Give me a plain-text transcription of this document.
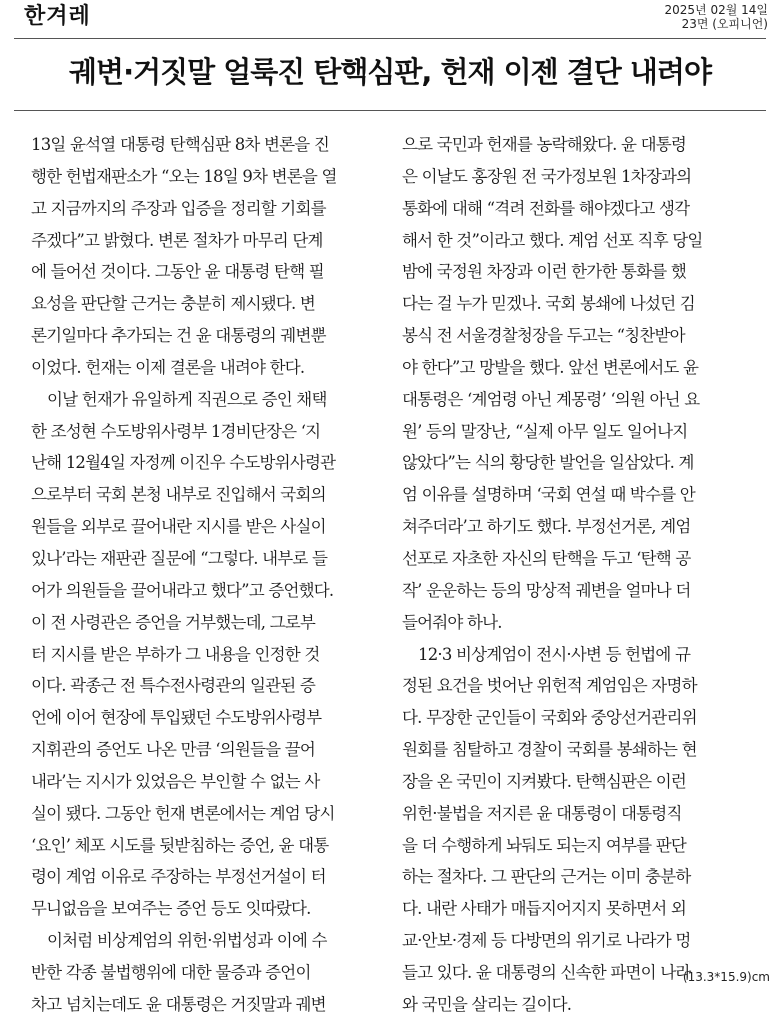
한겨레	2025년 02월 14일
23면 (오피니언)
궤변·거짓말 얼룩진 탄핵심판, 헌재 이젠 결단 내려야
13일 윤석열 대통령 탄핵심판 8차 변론을 진
행한 헌법재판소가 “오는 18일 9차 변론을 열
고 지금까지의 주장과 입증을 정리할 기회를
주겠다”고 밝혔다. 변론 절차가 마무리 단계
에 들어선 것이다. 그동안 윤 대통령 탄핵 필
요성을 판단할 근거는 충분히 제시됐다. 변
론기일마다 추가되는 건 윤 대통령의 궤변뿐
이었다. 헌재는 이제 결론을 내려야 한다.
이날 헌재가 유일하게 직권으로 증인 채택
한 조성현 수도방위사령부 1경비단장은 ‘지
난해 12월4일 자정께 이진우 수도방위사령관
으로부터 국회 본청 내부로 진입해서 국회의
원들을 외부로 끌어내란 지시를 받은 사실이
있나’라는 재판관 질문에 “그렇다. 내부로 들
어가 의원들을 끌어내라고 했다”고 증언했다.
이 전 사령관은 증언을 거부했는데, 그로부
터 지시를 받은 부하가 그 내용을 인정한 것
이다. 곽종근 전 특수전사령관의 일관된 증
언에 이어 현장에 투입됐던 수도방위사령부
지휘관의 증언도 나온 만큼 ‘의원들을 끌어
내라’는 지시가 있었음은 부인할 수 없는 사
실이 됐다. 그동안 헌재 변론에서는 계엄 당시
‘요인’ 체포 시도를 뒷받침하는 증언, 윤 대통
령이 계엄 이유로 주장하는 부정선거설이 터
무니없음을 보여주는 증언 등도 잇따랐다.
이처럼 비상계엄의 위헌·위법성과 이에 수
반한 각종 불법행위에 대한 물증과 증언이
차고 넘치는데도 윤 대통령은 거짓말과 궤변
으로 국민과 헌재를 농락해왔다. 윤 대통령
은 이날도 홍장원 전 국가정보원 1차장과의
통화에 대해 “격려 전화를 해야겠다고 생각
해서 한 것”이라고 했다. 계엄 선포 직후 당일
밤에 국정원 차장과 이런 한가한 통화를 했
다는 걸 누가 믿겠나. 국회 봉쇄에 나섰던 김
봉식 전 서울경찰청장을 두고는 “칭찬받아
야 한다”고 망발을 했다. 앞선 변론에서도 윤
대통령은 ‘계엄령 아닌 계몽령’ ‘의원 아닌 요
원’ 등의 말장난, “실제 아무 일도 일어나지
않았다”는 식의 황당한 발언을 일삼았다. 계
엄 이유를 설명하며 ‘국회 연설 때 박수를 안
쳐주더라’고 하기도 했다. 부정선거론, 계엄
선포로 자초한 자신의 탄핵을 두고 ‘탄핵 공
작’ 운운하는 등의 망상적 궤변을 얼마나 더
들어줘야 하나.
12·3 비상계엄이 전시·사변 등 헌법에 규
정된 요건을 벗어난 위헌적 계엄임은 자명하
다. 무장한 군인들이 국회와 중앙선거관리위
원회를 침탈하고 경찰이 국회를 봉쇄하는 현
장을 온 국민이 지켜봤다. 탄핵심판은 이런
위헌·불법을 저지른 윤 대통령이 대통령직
을 더 수행하게 놔둬도 되는지 여부를 판단
하는 절차다. 그 판단의 근거는 이미 충분하
다. 내란 사태가 매듭지어지지 못하면서 외
교·안보·경제 등 다방면의 위기로 나라가 멍
들고 있다. 윤 대통령의 신속한 파면이 나라
와 국민을 살리는 길이다.
(13.3*15.9)cm
